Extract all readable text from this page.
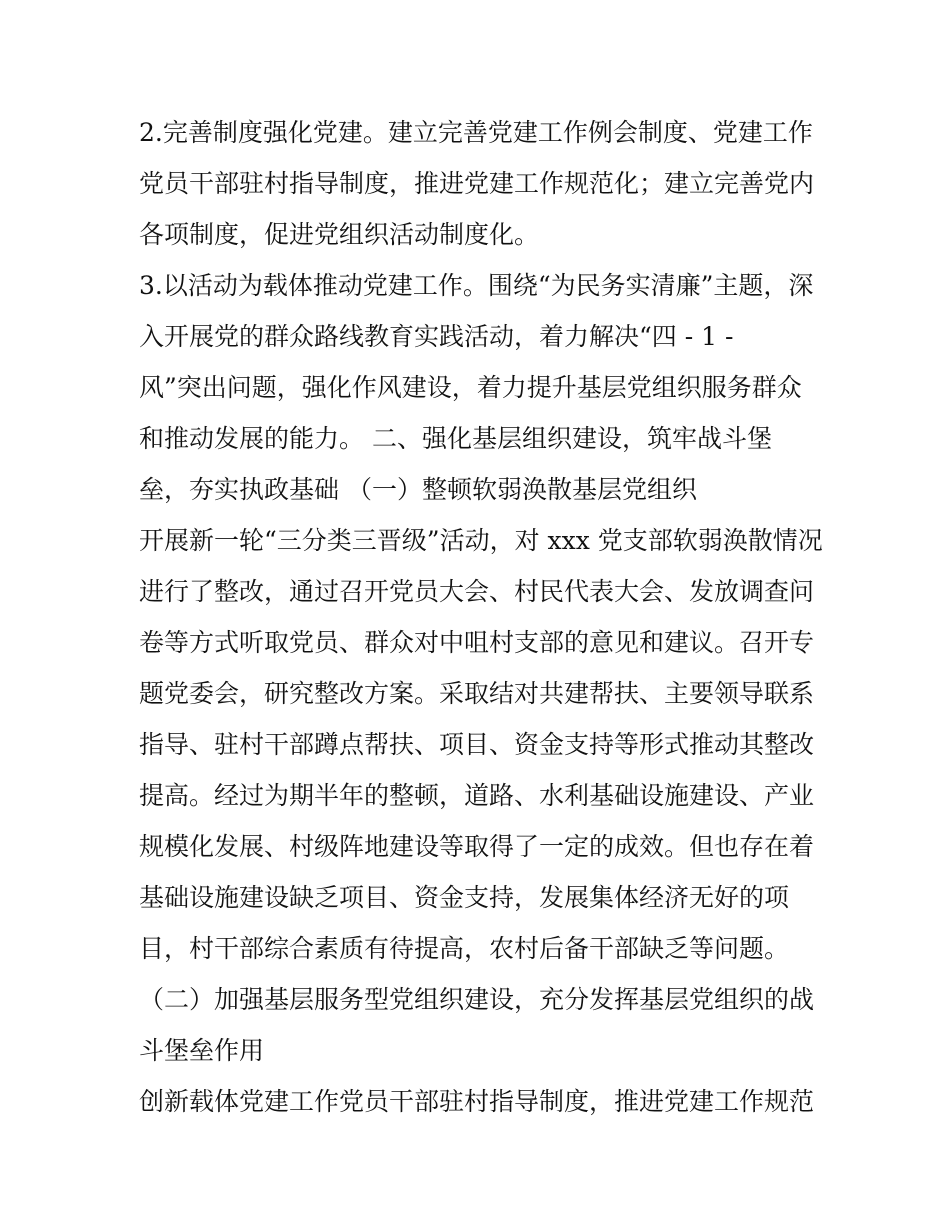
2.完善制度强化党建。建立完善党建工作例会制度、党建工作
党员干部驻村指导制度，推进党建工作规范化；建立完善党内
各项制度，促进党组织活动制度化。
3.以活动为载体推动党建工作。围绕“为民务实清廉”主题，深
入开展党的群众路线教育实践活动，着力解决“四 - 1 -
风”突出问题，强化作风建设，着力提升基层党组织服务群众
和推动发展的能力。 二、强化基层组织建设，筑牢战斗堡
垒，夯实执政基础 （一）整顿软弱涣散基层党组织
开展新一轮“三分类三晋级”活动，对 xxx 党支部软弱涣散情况
进行了整改，通过召开党员大会、村民代表大会、发放调查问
卷等方式听取党员、群众对中咀村支部的意见和建议。召开专
题党委会，研究整改方案。采取结对共建帮扶、主要领导联系
指导、驻村干部蹲点帮扶、项目、资金支持等形式推动其整改
提高。经过为期半年的整顿，道路、水利基础设施建设、产业
规模化发展、村级阵地建设等取得了一定的成效。但也存在着
基础设施建设缺乏项目、资金支持，发展集体经济无好的项
目，村干部综合素质有待提高，农村后备干部缺乏等问题。
（二）加强基层服务型党组织建设，充分发挥基层党组织的战
斗堡垒作用
创新载体党建工作党员干部驻村指导制度，推进党建工作规范
